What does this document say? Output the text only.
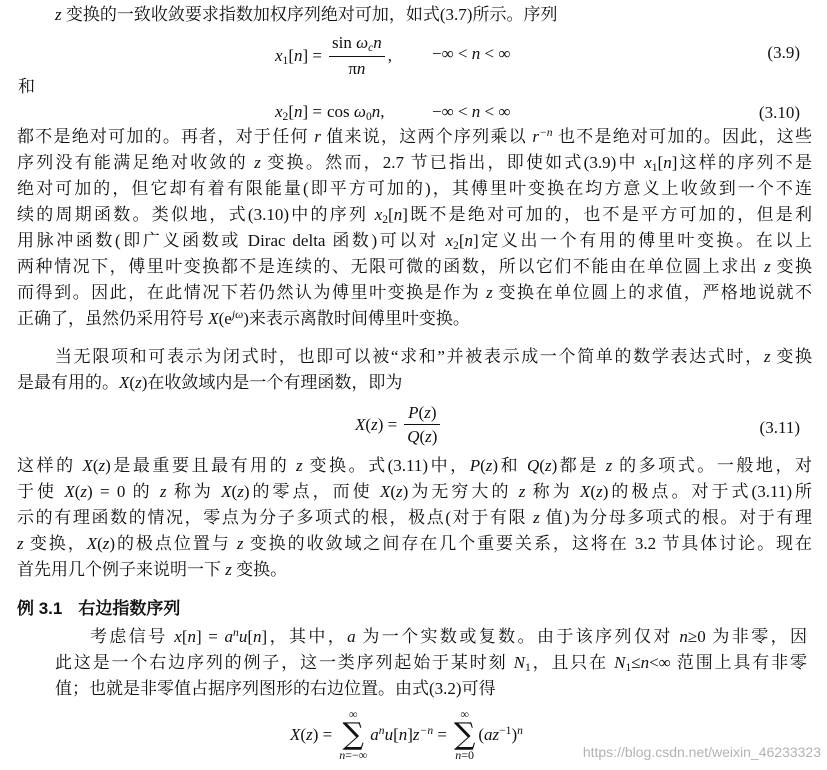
z 变换的一致收敛要求指数加权序列绝对可加，如式(3.7)所示。序列
$x_1[n] = \frac{\sin \omega_cn}{\pi n}$ , −∞ < n < ∞	(3.9)
和
$x_2[n] = \cos \omega_0n$,	−∞ < n < ∞	(3.10)
都不是绝对可加的。再者，对于任何 r 值来说，这两个序列乘以 $r^{-n}$ 也不是绝对可加的。因此，这些
序列没有能满足绝对收敛的 z 变换。然而，2.7 节已指出，即使如式(3.9)中 $x_1[n]$这样的序列不是
绝对可加的，但它却有着有限能量(即平方可加的)，其傅里叶变换在均方意义上收敛到一个不连
续的周期函数。类似地，式(3.10)中的序列 $x_2[n]$既不是绝对可加的，也不是平方可加的，但是利
用脉冲函数(即广义函数或 Dirac delta 函数)可以对 $x_2[n]$定义出一个有用的傅里叶变换。在以上
两种情况下，傅里叶变换都不是连续的、无限可微的函数，所以它们不能由在单位圆上求出 z 变换
而得到。因此，在此情况下若仍然认为傅里叶变换是作为 z 变换在单位圆上的求值，严格地说就不
正确了，虽然仍采用符号 $X(e^{j\omega})$来表示离散时间傅里叶变换。
当无限项和可表示为闭式时，也即可以被“求和”并被表示成一个简单的数学表达式时，z 变换
是最有用的。X(z)在收敛域内是一个有理函数，即为
$X(z) = \frac{P(z)}{Q(z)}$	(3.11)
这样的 X(z)是最重要且最有用的 z 变换。式(3.11)中，P(z)和 Q(z)都是 z 的多项式。一般地，对
于使 X(z) = 0 的 z 称为 X(z)的零点，而使 X(z)为无穷大的 z 称为 X(z)的极点。对于式(3.11)所
示的有理函数的情况，零点为分子多项式的根，极点(对于有限 z 值)为分母多项式的根。对于有理
z 变换，X(z)的极点位置与 z 变换的收敛域之间存在几个重要关系，这将在 3.2 节具体讨论。现在
首先用几个例子来说明一下 z 变换。
例 3.1 右边指数序列
考虑信号 $x[n] = a^nu[n]$，其中，a 为一个实数或复数。由于该序列仅对 n≥0 为非零，因
此这是一个右边序列的例子，这一类序列起始于某时刻 $N_1$，且只在 $N_1\le n<\infty$ 范围上具有非零
值；也就是非零值占据序列图形的右边位置。由式(3.2)可得
X(z) =
∞
∑
n=−∞
$a^nu[n]z^{-n}$ =
∞
∑
n=0
$(az^{-1})^n$
https://blog.csdn.net/weixin_46233323
